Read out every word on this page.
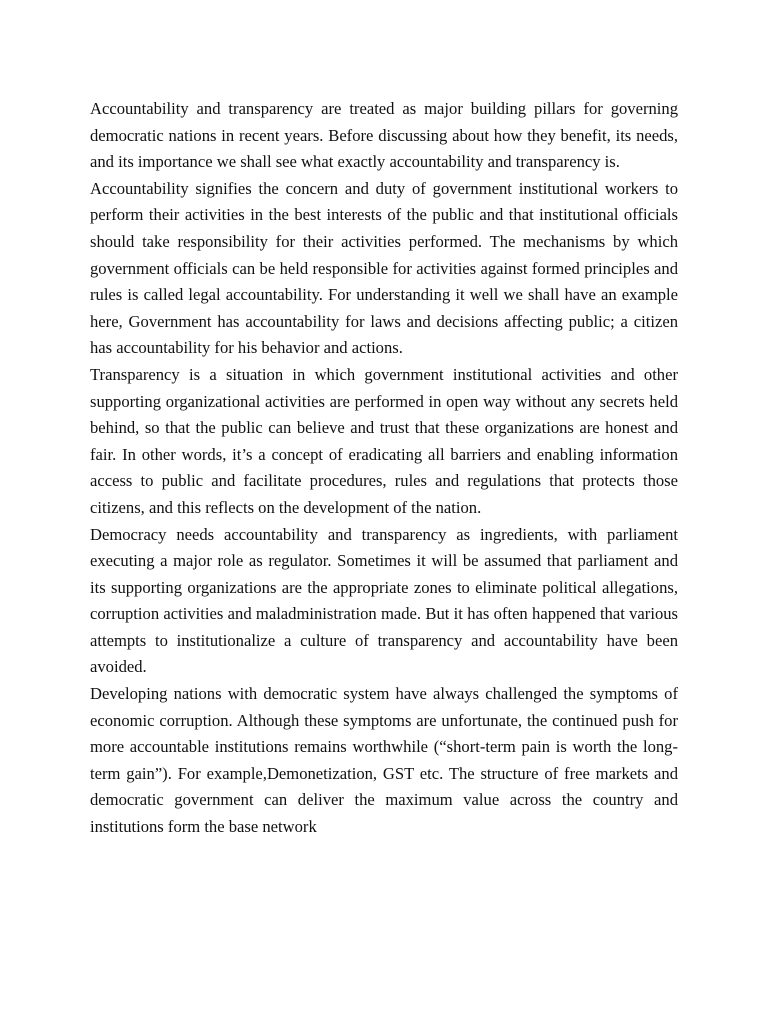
Accountability and transparency are treated as major building pillars for governing democratic nations in recent years. Before discussing about how they benefit, its needs, and its importance we shall see what exactly accountability and transparency is.

Accountability signifies the concern and duty of government institutional workers to perform their activities in the best interests of the public and that institutional officials should take responsibility for their activities performed. The mechanisms by which government officials can be held responsible for activities against formed principles and rules is called legal accountability. For understanding it well we shall have an example here, Government has accountability for laws and decisions affecting public; a citizen has accountability for his behavior and actions.

Transparency is a situation in which government institutional activities and other supporting organizational activities are performed in open way without any secrets held behind, so that the public can believe and trust that these organizations are honest and fair. In other words, it’s a concept of eradicating all barriers and enabling information access to public and facilitate procedures, rules and regulations that protects those citizens, and this reflects on the development of the nation.

Democracy needs accountability and transparency as ingredients, with parliament executing a major role as regulator. Sometimes it will be assumed that parliament and its supporting organizations are the appropriate zones to eliminate political allegations, corruption activities and maladministration made. But it has often happened that various attempts to institutionalize a culture of transparency and accountability have been avoided.

Developing nations with democratic system have always challenged the symptoms of economic corruption. Although these symptoms are unfortunate, the continued push for more accountable institutions remains worthwhile (“short-term pain is worth the long-term gain”). For example,Demonetization, GST etc. The structure of free markets and democratic government can deliver the maximum value across the country and institutions form the base network
